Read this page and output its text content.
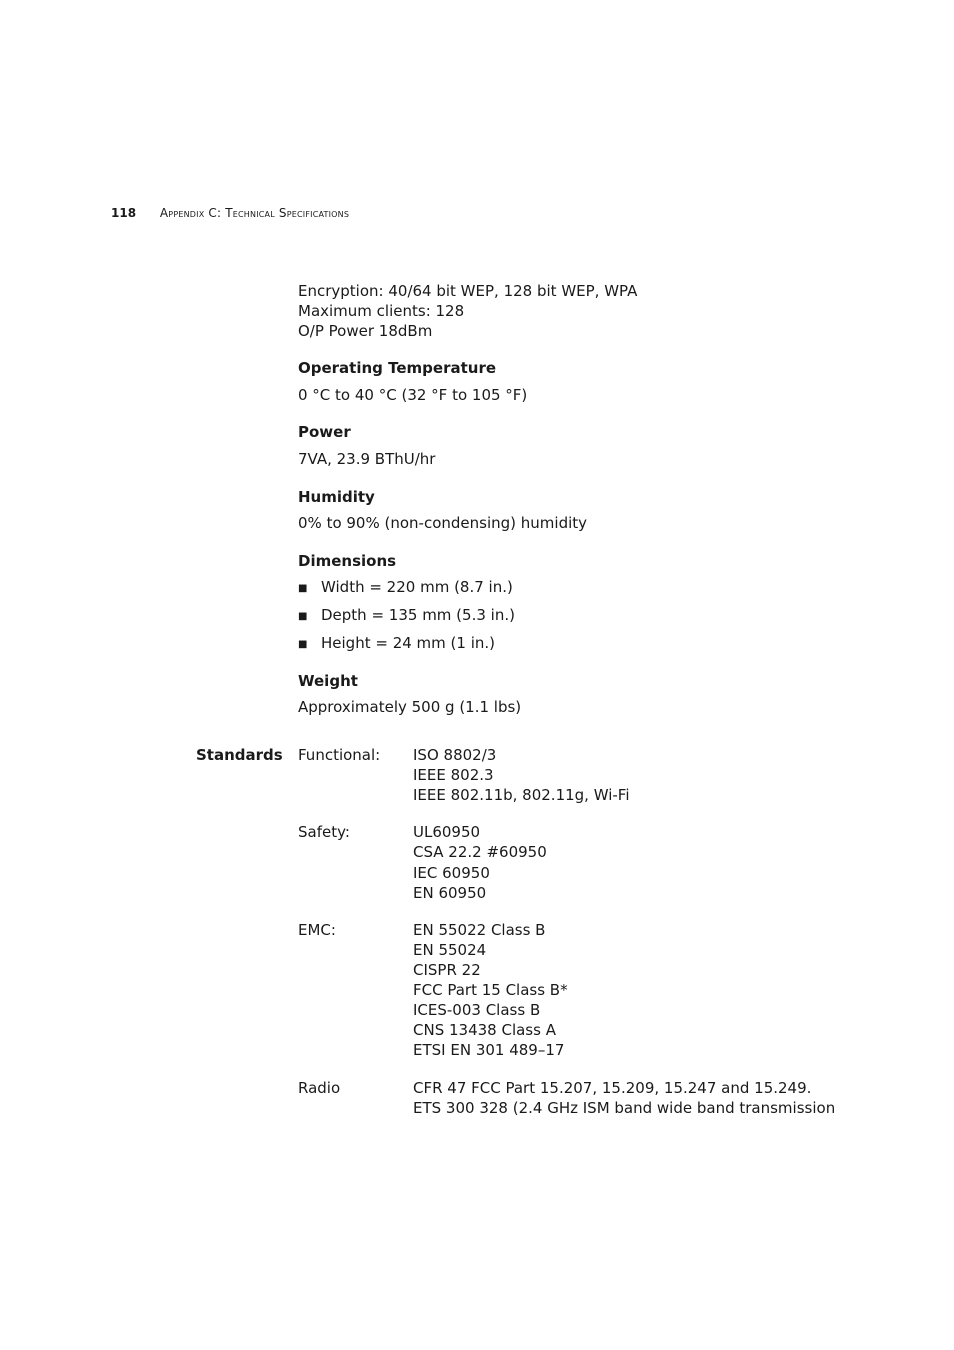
118 Appendix C: Technical Specifications
Encryption: 40/64 bit WEP, 128 bit WEP, WPA
Maximum clients: 128
O/P Power 18dBm
Operating Temperature
0 °C to 40 °C (32 °F to 105 °F)
Power
7VA, 23.9 BThU/hr
Humidity
0% to 90% (non-condensing) humidity
Dimensions
■ Width = 220 mm (8.7 in.)
■ Depth = 135 mm (5.3 in.)
■ Height = 24 mm (1 in.)
Weight
Approximately 500 g (1.1 lbs)
Standards Functional: ISO 8802/3
IEEE 802.3
IEEE 802.11b, 802.11g, Wi-Fi
Safety:	UL60950
CSA 22.2 #60950
IEC 60950
EN 60950
EMC:	EN 55022 Class B
EN 55024
CISPR 22
FCC Part 15 Class B*
ICES-003 Class B
CNS 13438 Class A
ETSI EN 301 489–17
Radio	CFR 47 FCC Part 15.207, 15.209, 15.247 and 15.249.
ETS 300 328 (2.4 GHz ISM band wide band transmission
